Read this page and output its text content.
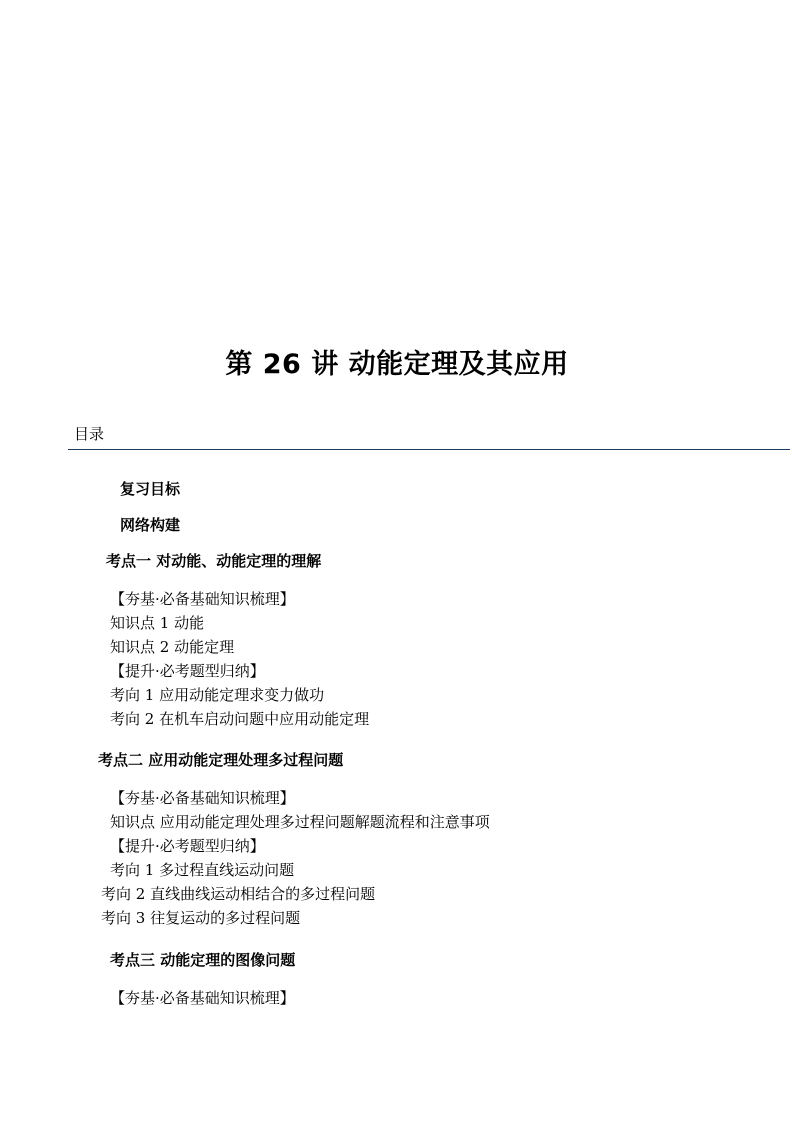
第 26 讲 动能定理及其应用
目录
复习目标
网络构建
考点一 对动能、动能定理的理解
【夯基·必备基础知识梳理】
知识点 1 动能
知识点 2 动能定理
【提升·必考题型归纳】
考向 1 应用动能定理求变力做功
考向 2 在机车启动问题中应用动能定理
考点二 应用动能定理处理多过程问题
【夯基·必备基础知识梳理】
知识点 应用动能定理处理多过程问题解题流程和注意事项
【提升·必考题型归纳】
考向 1 多过程直线运动问题
考向 2 直线曲线运动相结合的多过程问题
考向 3 往复运动的多过程问题
考点三 动能定理的图像问题
【夯基·必备基础知识梳理】
